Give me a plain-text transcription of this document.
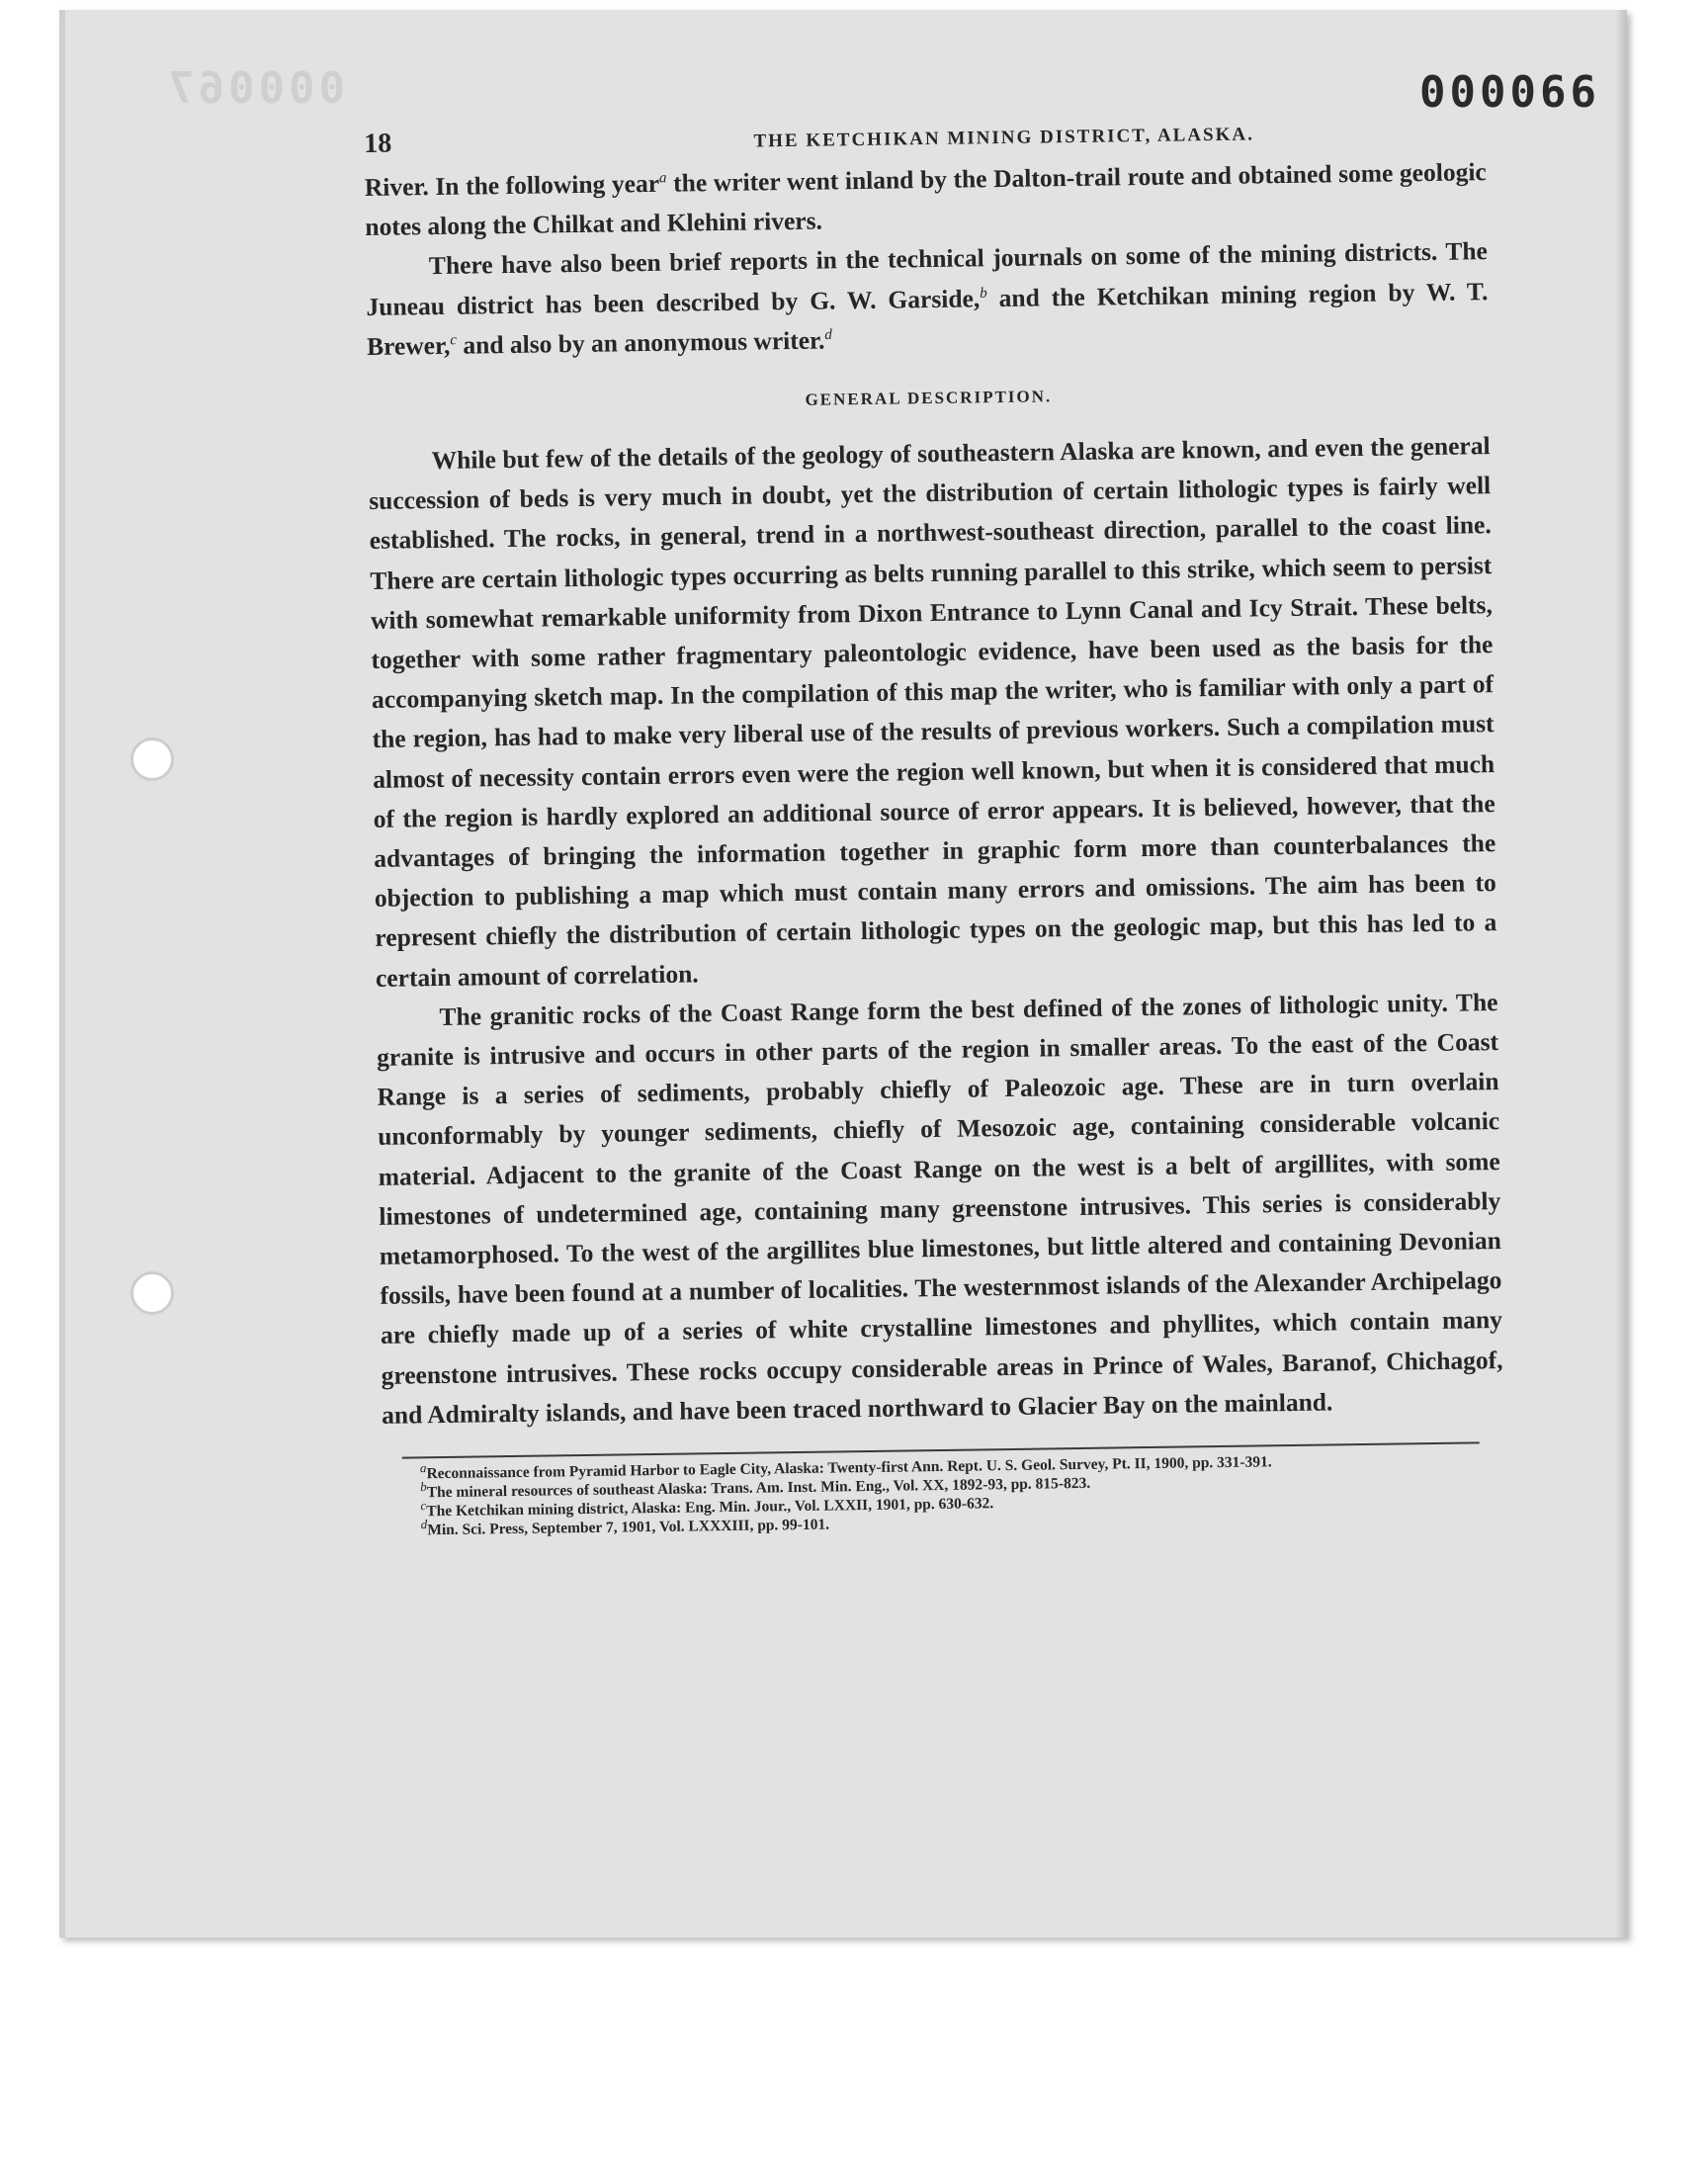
000067	000066
18	THE KETCHIKAN MINING DISTRICT, ALASKA.

River. In the following year$^a$ the writer went inland by the Dalton-trail route and obtained some geologic notes along the Chilkat and Klehini rivers.

There have also been brief reports in the technical journals on some of the mining districts. The Juneau district has been described by G. W. Garside,$^b$ and the Ketchikan mining region by W. T. Brewer,$^c$ and also by an anonymous writer.$^d$

GENERAL DESCRIPTION.

While but few of the details of the geology of southeastern Alaska are known, and even the general succession of beds is very much in doubt, yet the distribution of certain lithologic types is fairly well established. The rocks, in general, trend in a northwest-southeast direction, parallel to the coast line. There are certain lithologic types occurring as belts running parallel to this strike, which seem to persist with somewhat remarkable uniformity from Dixon Entrance to Lynn Canal and Icy Strait. These belts, together with some rather fragmentary paleontologic evidence, have been used as the basis for the accompanying sketch map. In the compilation of this map the writer, who is familiar with only a part of the region, has had to make very liberal use of the results of previous workers. Such a compilation must almost of necessity contain errors even were the region well known, but when it is considered that much of the region is hardly explored an additional source of error appears. It is believed, however, that the advantages of bringing the information together in graphic form more than counterbalances the objection to publishing a map which must contain many errors and omissions. The aim has been to represent chiefly the distribution of certain lithologic types on the geologic map, but this has led to a certain amount of correlation.

The granitic rocks of the Coast Range form the best defined of the zones of lithologic unity. The granite is intrusive and occurs in other parts of the region in smaller areas. To the east of the Coast Range is a series of sediments, probably chiefly of Paleozoic age. These are in turn overlain unconformably by younger sediments, chiefly of Mesozoic age, containing considerable volcanic material. Adjacent to the granite of the Coast Range on the west is a belt of argillites, with some limestones of undetermined age, containing many greenstone intrusives. This series is considerably metamorphosed. To the west of the argillites blue limestones, but little altered and containing Devonian fossils, have been found at a number of localities. The westernmost islands of the Alexander Archipelago are chiefly made up of a series of white crystalline limestones and phyllites, which contain many greenstone intrusives. These rocks occupy considerable areas in Prince of Wales, Baranof, Chichagof, and Admiralty islands, and have been traced northward to Glacier Bay on the mainland.

$^a$Reconnaissance from Pyramid Harbor to Eagle City, Alaska: Twenty-first Ann. Rept. U. S. Geol. Survey, Pt. II, 1900, pp. 331-391.
$^b$The mineral resources of southeast Alaska: Trans. Am. Inst. Min. Eng., Vol. XX, 1892-93, pp. 815-823.
$^c$The Ketchikan mining district, Alaska: Eng. Min. Jour., Vol. LXXII, 1901, pp. 630-632.
$^d$Min. Sci. Press, September 7, 1901, Vol. LXXXIII, pp. 99-101.
